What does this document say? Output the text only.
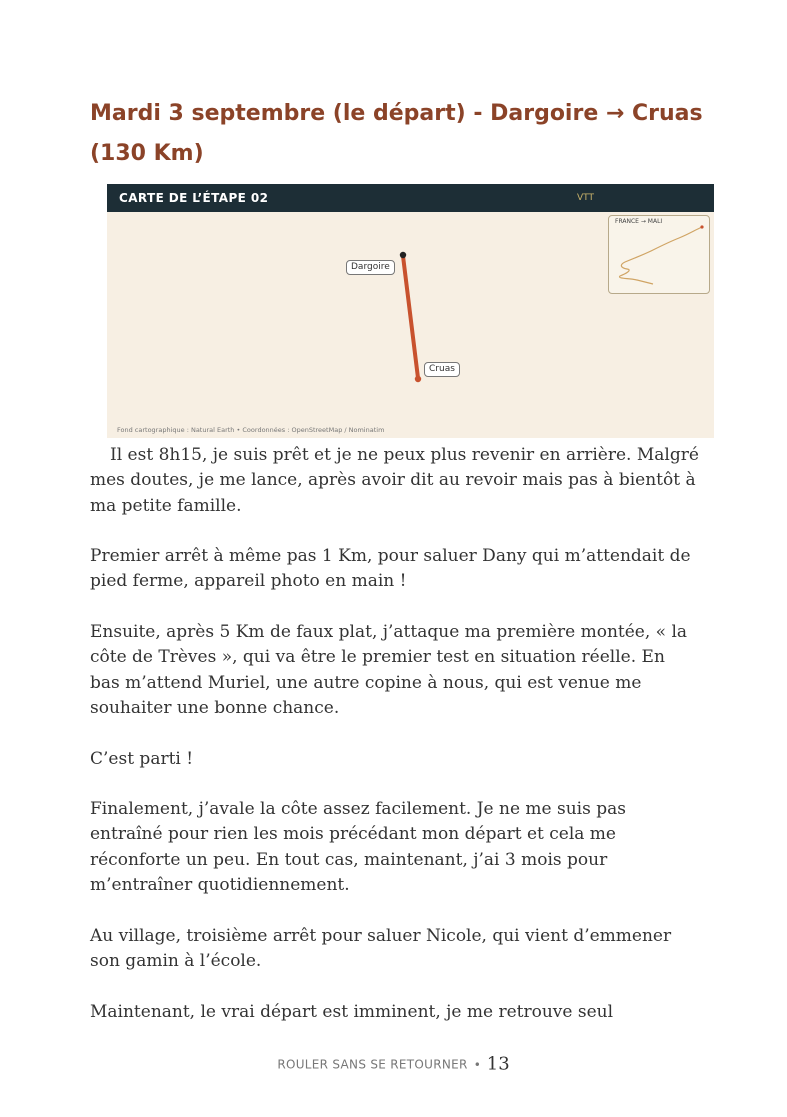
Mardi 3 septembre (le départ) - Dargoire → Cruas (130 Km)
CARTE DE L’ÉTAPE 02	VTT
Dargoire
Cruas
FRANCE → MALI
Fond cartographique : Natural Earth • Coordonnées : OpenStreetMap / Nominatim

Il est 8h15, je suis prêt et je ne peux plus revenir en arrière. Malgré mes doutes, je me lance, après avoir dit au revoir mais pas à bientôt à ma petite famille.

Premier arrêt à même pas 1 Km, pour saluer Dany qui m’attendait de pied ferme, appareil photo en main !

Ensuite, après 5 Km de faux plat, j’attaque ma première montée, « la côte de Trèves », qui va être le premier test en situation réelle. En bas m’attend Muriel, une autre copine à nous, qui est venue me souhaiter une bonne chance.

C’est parti !

Finalement, j’avale la côte assez facilement. Je ne me suis pas entraîné pour rien les mois précédant mon départ et cela me réconforte un peu. En tout cas, maintenant, j’ai 3 mois pour m’entraîner quotidiennement.

Au village, troisième arrêt pour saluer Nicole, qui vient d’emmener son gamin à l’école.

Maintenant, le vrai départ est imminent, je me retrouve seul

ROULER SANS SE RETOURNER • 13
